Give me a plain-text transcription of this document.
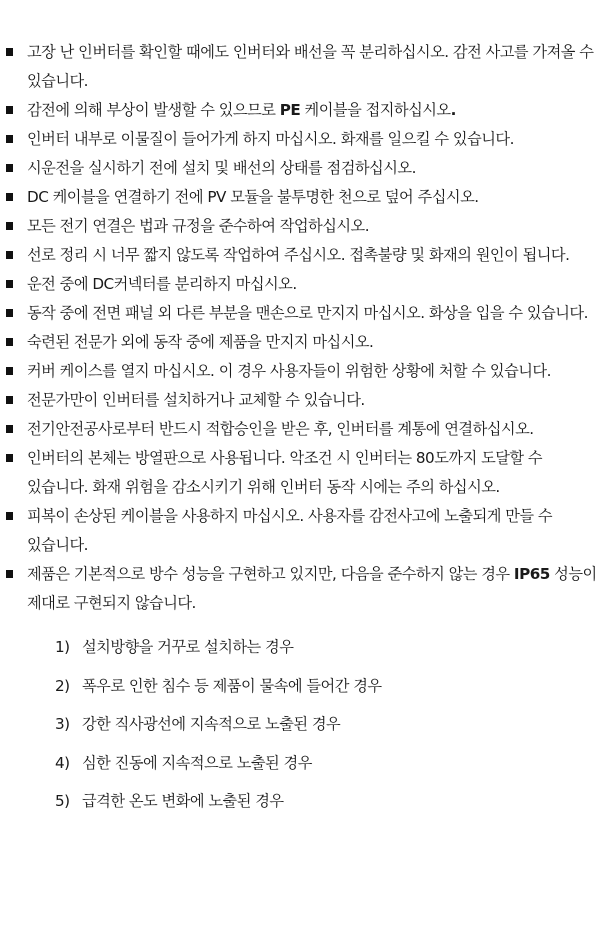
고장 난 인버터를 확인할 때에도 인버터와 배선을 꼭 분리하십시오. 감전 사고를 가져올 수 있습니다.
감전에 의해 부상이 발생할 수 있으므로 PE 케이블을 접지하십시오.
인버터 내부로 이물질이 들어가게 하지 마십시오. 화재를 일으킬 수 있습니다.
시운전을 실시하기 전에 설치 및 배선의 상태를 점검하십시오.
DC 케이블을 연결하기 전에 PV 모듈을 불투명한 천으로 덮어 주십시오.
모든 전기 연결은 법과 규정을 준수하여 작업하십시오.
선로 정리 시 너무 짧지 않도록 작업하여 주십시오. 접촉불량 및 화재의 원인이 됩니다.
운전 중에 DC커넥터를 분리하지 마십시오.
동작 중에 전면 패널 외 다른 부분을 맨손으로 만지지 마십시오. 화상을 입을 수 있습니다.
숙련된 전문가 외에 동작 중에 제품을 만지지 마십시오.
커버 케이스를 열지 마십시오. 이 경우 사용자들이 위험한 상황에 처할 수 있습니다.
전문가만이 인버터를 설치하거나 교체할 수 있습니다.
전기안전공사로부터 반드시 적합승인을 받은 후, 인버터를 계통에 연결하십시오.
인버터의 본체는 방열판으로 사용됩니다. 악조건 시 인버터는 80도까지 도달할 수 있습니다. 화재 위험을 감소시키기 위해 인버터 동작 시에는 주의 하십시오.
피복이 손상된 케이블을 사용하지 마십시오. 사용자를 감전사고에 노출되게 만들 수 있습니다.
제품은 기본적으로 방수 성능을 구현하고 있지만, 다음을 준수하지 않는 경우 IP65 성능이 제대로 구현되지 않습니다.
1) 설치방향을 거꾸로 설치하는 경우
2) 폭우로 인한 침수 등 제품이 물속에 들어간 경우
3) 강한 직사광선에 지속적으로 노출된 경우
4) 심한 진동에 지속적으로 노출된 경우
5) 급격한 온도 변화에 노출된 경우
